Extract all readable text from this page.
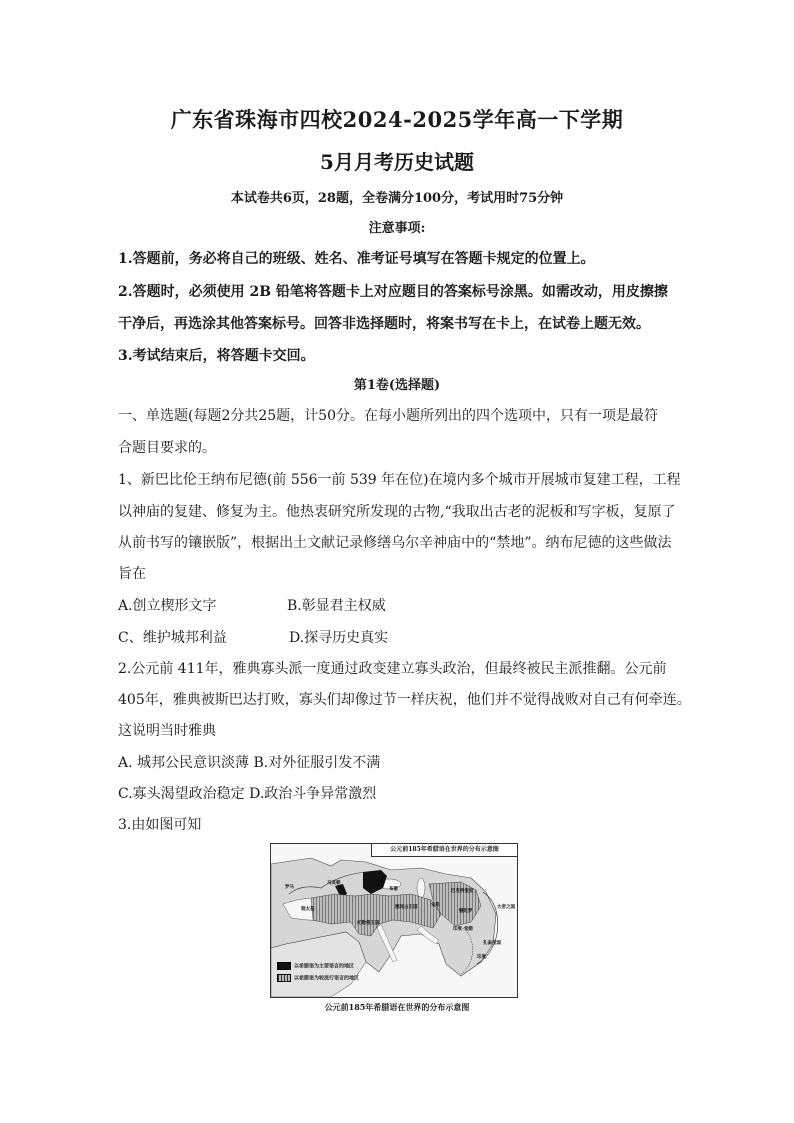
广东省珠海市四校2024-2025学年高一下学期
5月月考历史试题
本试卷共6页，28题，全卷满分100分，考试用时75分钟
注意事项:
1.答题前，务必将自己的班级、姓名、准考证号填写在答题卡规定的位置上。
2.答题时，必须使用 2B 铅笔将答题卡上对应题目的答案标号涂黑。如需改动，用皮擦擦
干净后，再选涂其他答案标号。回答非选择题时，将案书写在卡上，在试卷上题无效。
3.考试结束后，将答题卡交回。
第1卷(选择题)
一、单选题(每题2分共25题，计50分。在每小题所列出的四个选项中，只有一项是最符
合题目要求的。
1、新巴比伦王纳布尼德(前 556一前 539 年在位)在境内多个城市开展城市复建工程，工程
以神庙的复建、修复为主。他热衷研究所发现的古物,“我取出古老的泥板和写字板，复原了
从前书写的镶嵌版”，根据出土文献记录修缮乌尔辛神庙中的“禁地”。纳布尼德的这些做法
旨在
A.创立楔形文字	B.彰显君主权威
C、维护城邦利益	D.探寻历史真实
2.公元前 411年，雅典寡头派一度通过政变建立寡头政治，但最终被民主派推翻。公元前
405年，雅典被斯巴达打败，寡头们却像过节一样庆祝，他们并不觉得战败对自己有何牵连。
这说明当时雅典
A. 城邦公民意识淡薄 B.对外征服引发不满
C.寡头渴望政治稳定 D.政治斗争异常激烈
3.由如图可知
公元前185年希腊语在世界的分布示意图
罗马
迦太基
马其顿
布匿
托勒密王国
塞琉古王国	安息
巴克特里亚
犍陀罗
印度-希腊
大帝之国
孔雀帝国
印度
以希腊语为主要语言的地区
以希腊语为较流行语言的地区
公元前185年希腊语在世界的分布示意图
